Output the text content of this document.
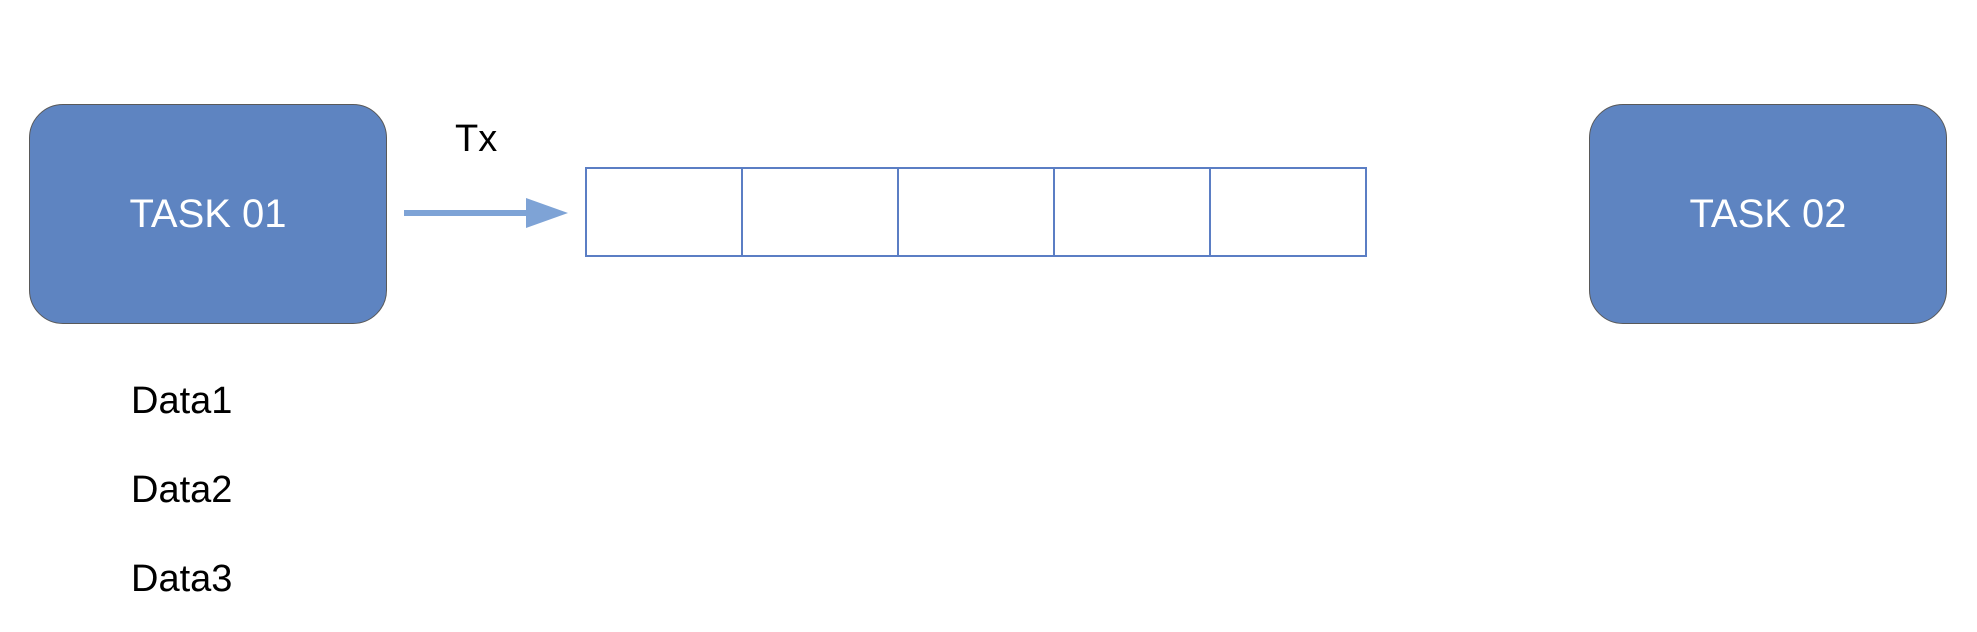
TASK 01
Tx
TASK 02
Data1
Data2
Data3
